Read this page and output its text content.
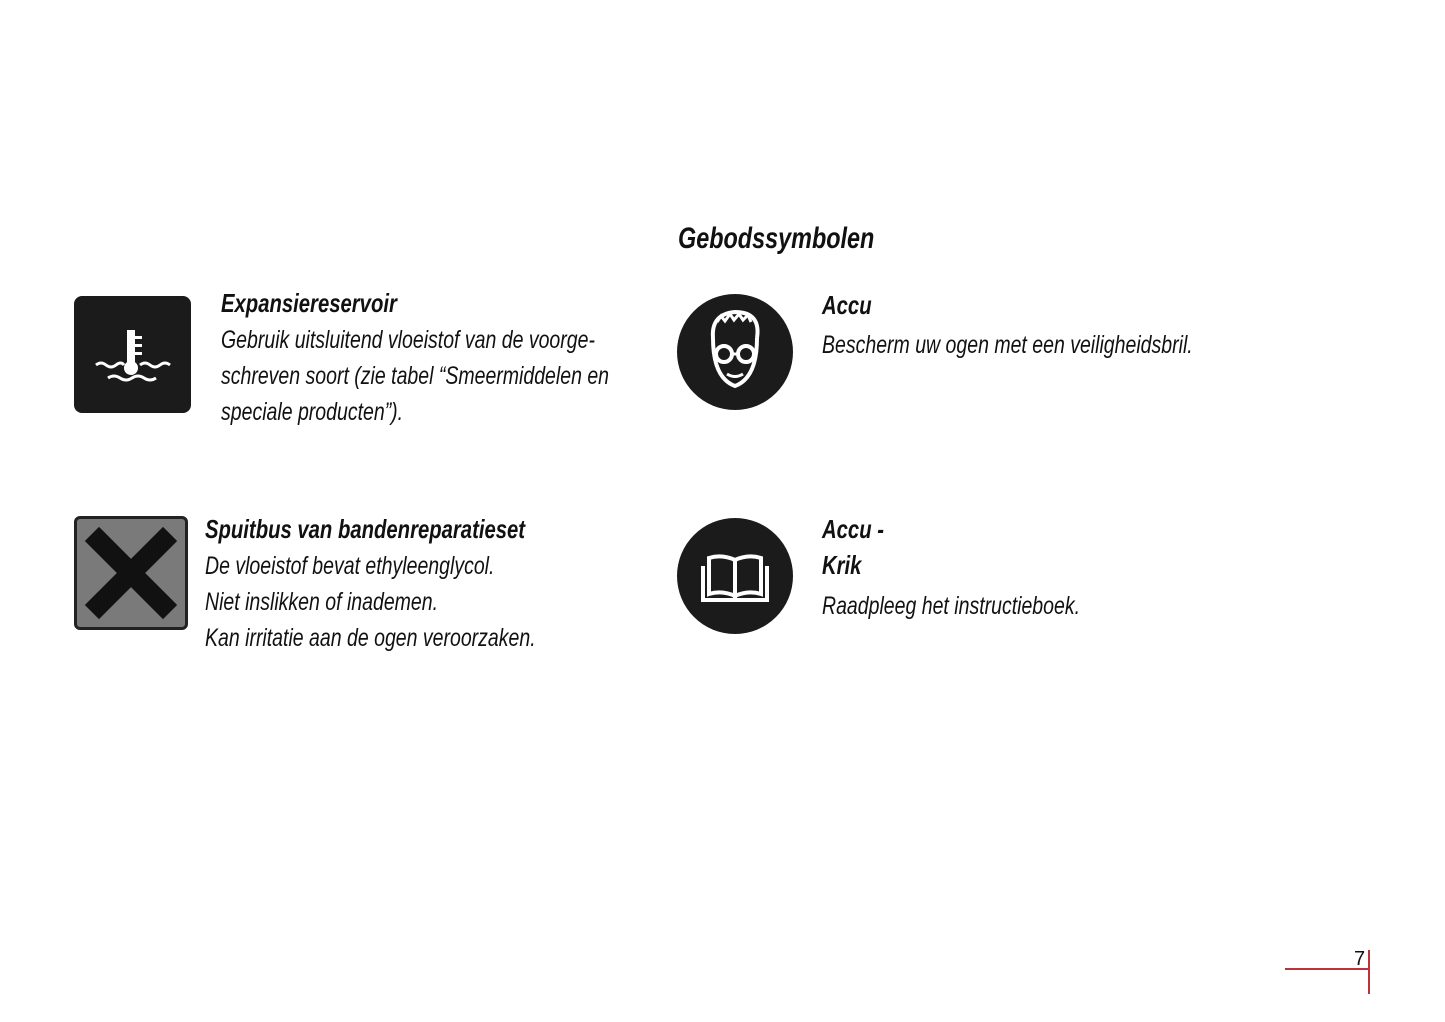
Gebodssymbolen
Expansiereservoir
Gebruik uitsluitend vloeistof van de voorge-
schreven soort (zie tabel “Smeermiddelen en
speciale producten”).
Spuitbus van bandenreparatieset
De vloeistof bevat ethyleenglycol.
Niet inslikken of inademen.
Kan irritatie aan de ogen veroorzaken.
Accu
Bescherm uw ogen met een veiligheidsbril.
Accu -
Krik
Raadpleeg het instructieboek.
7
